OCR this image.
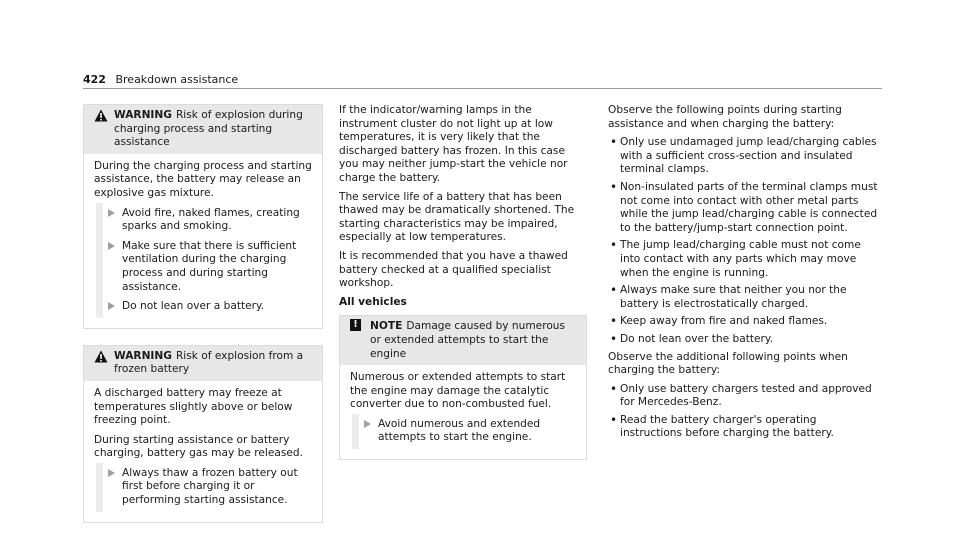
422 Breakdown assistance
WARNING Risk of explosion during charging process and starting assistance

During the charging process and starting assistance, the battery may release an explosive gas mixture.

Avoid fire, naked flames, creating sparks and smoking.
Make sure that there is sufficient ventilation during the charging process and during starting assistance.
Do not lean over a battery.
WARNING Risk of explosion from a frozen battery

A discharged battery may freeze at temperatures slightly above or below freezing point.

During starting assistance or battery charging, battery gas may be released.

Always thaw a frozen battery out first before charging it or performing starting assistance.

If the indicator/warning lamps in the instrument cluster do not light up at low temperatures, it is very likely that the discharged battery has frozen. In this case you may neither jump-start the vehicle nor charge the battery.

The service life of a battery that has been thawed may be dramatically shortened. The starting characteristics may be impaired, especially at low temperatures.

It is recommended that you have a thawed battery checked at a qualified specialist workshop.

All vehicles
!	NOTE Damage caused by numerous or extended attempts to start the engine

Numerous or extended attempts to start the engine may damage the catalytic converter due to non-combusted fuel.

Avoid numerous and extended attempts to start the engine.

Observe the following points during starting assistance and when charging the battery:

• Only use undamaged jump lead/charging cables with a sufficient cross-section and insulated terminal clamps.
• Non-insulated parts of the terminal clamps must not come into contact with other metal parts while the jump lead/charging cable is connected to the battery/jump-start connection point.
• The jump lead/charging cable must not come into contact with any parts which may move when the engine is running.
• Always make sure that neither you nor the battery is electrostatically charged.
• Keep away from fire and naked flames.
• Do not lean over the battery.

Observe the additional following points when charging the battery:

• Only use battery chargers tested and approved for Mercedes-Benz.
• Read the battery charger's operating instructions before charging the battery.
